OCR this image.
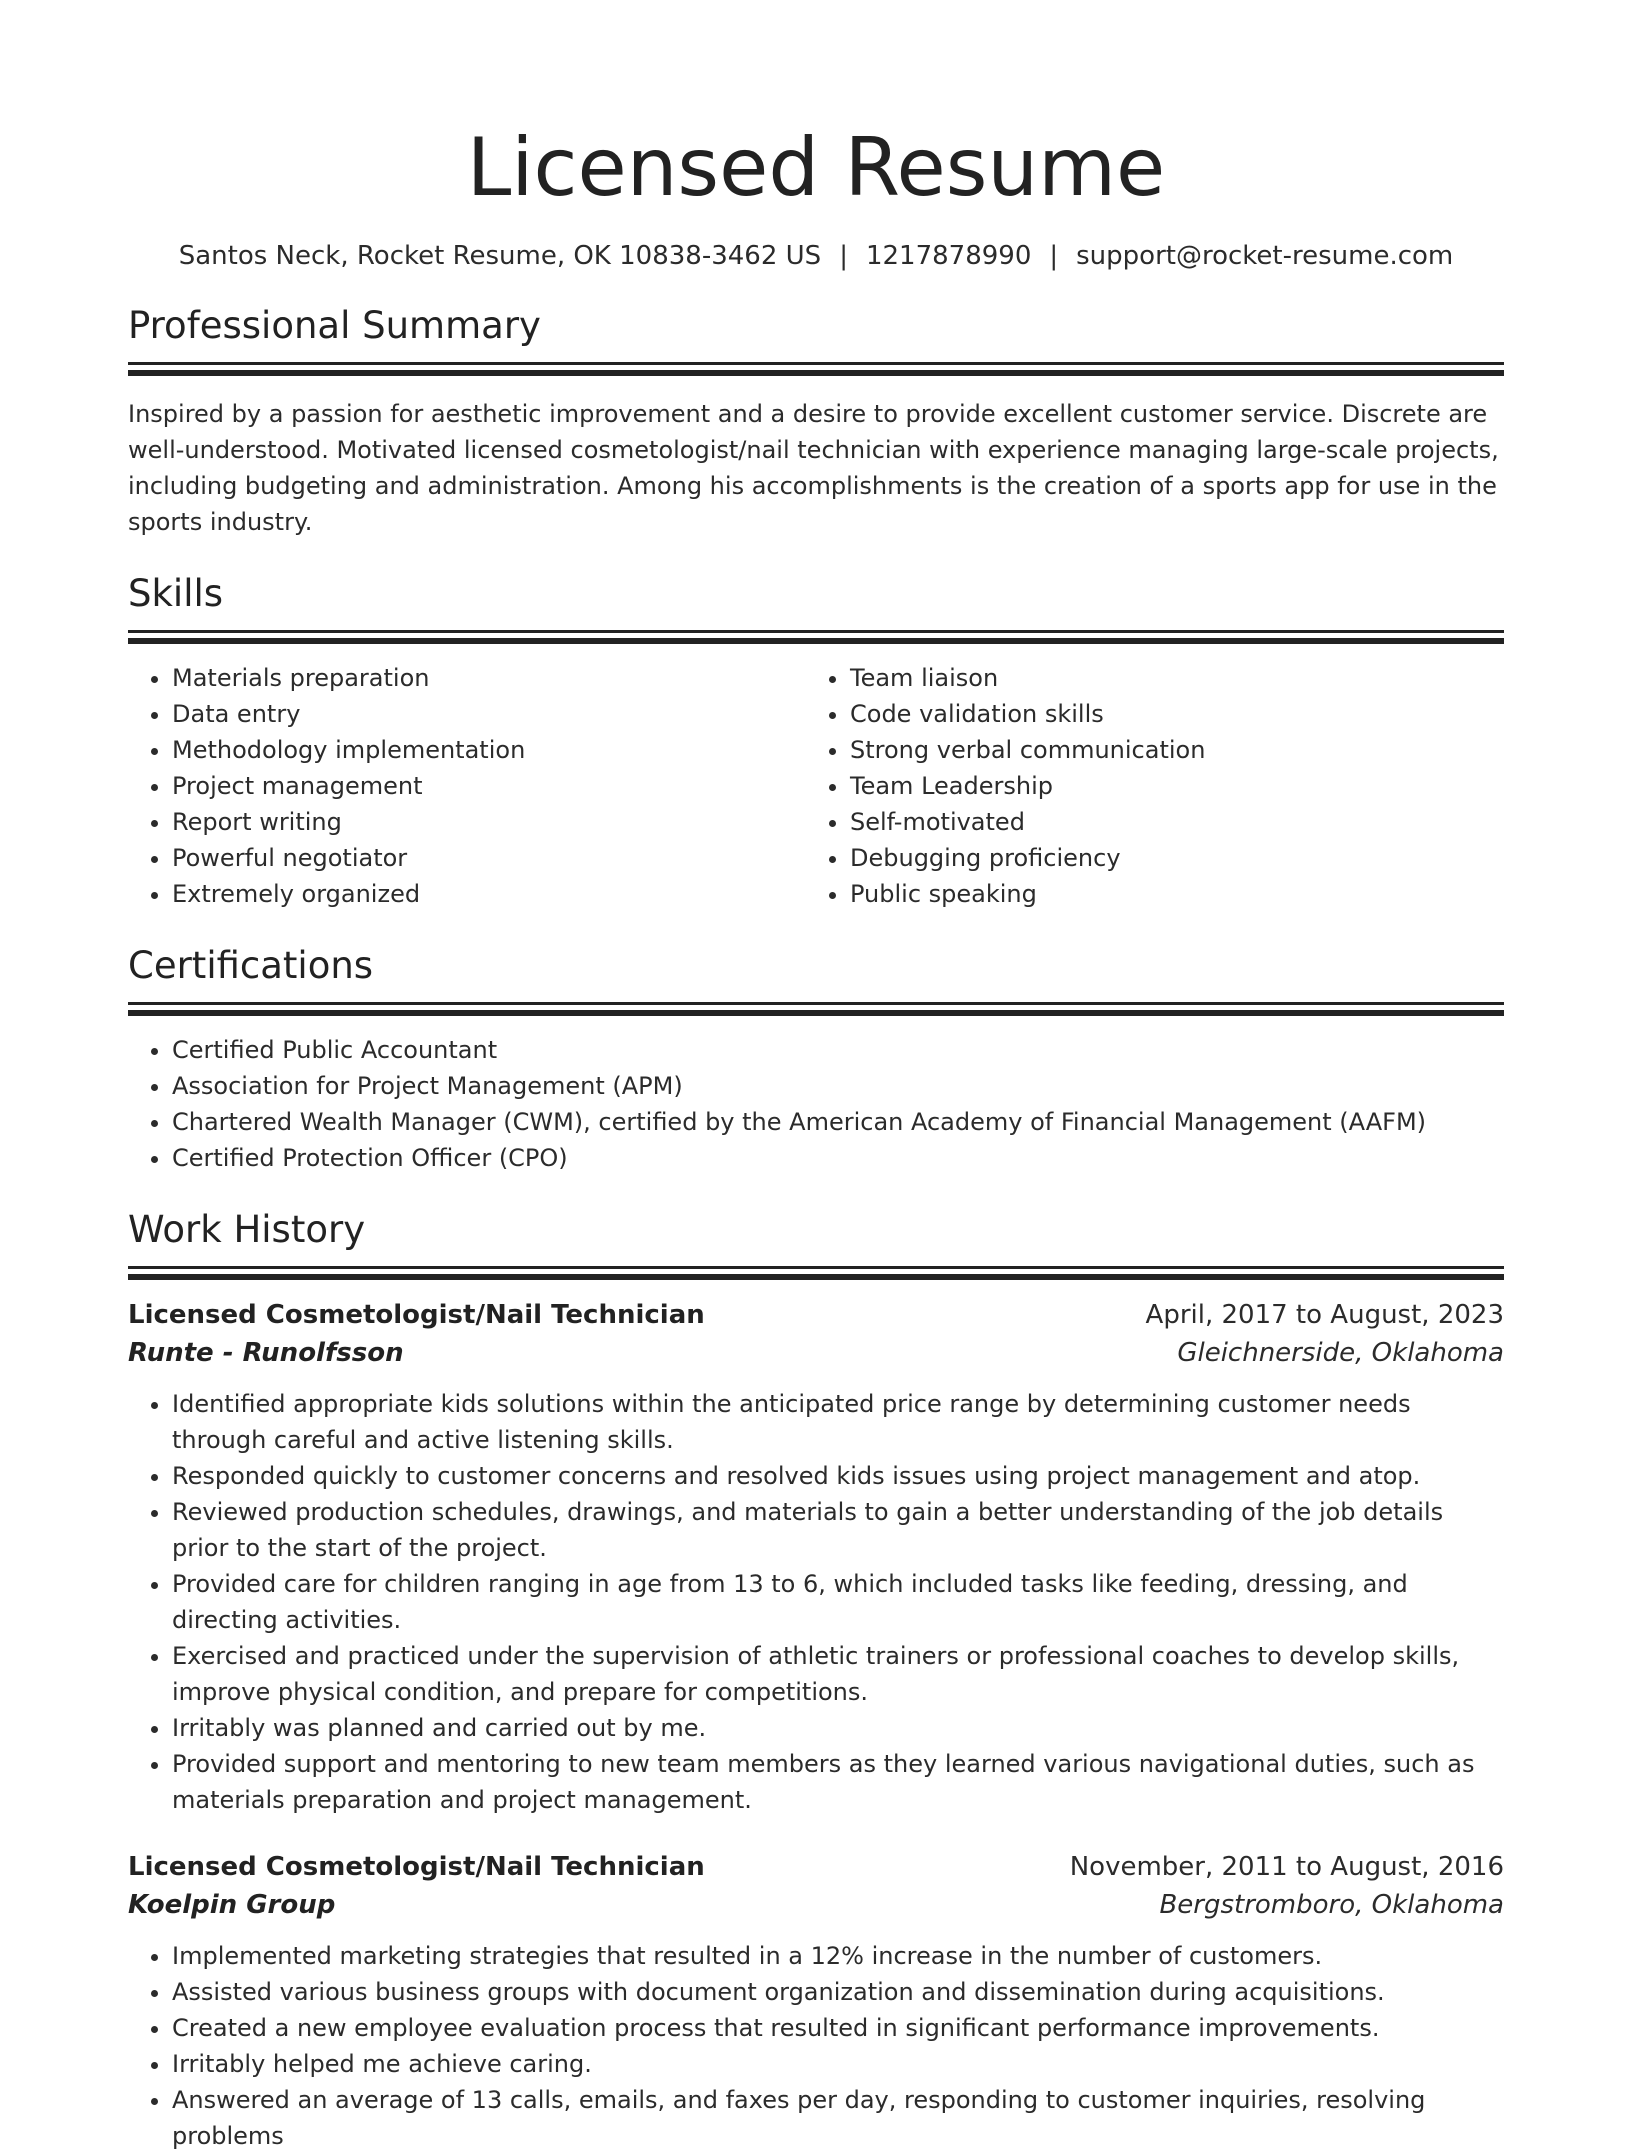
Licensed Resume
Santos Neck, Rocket Resume, OK 10838-3462 US | 1217878990 | support@rocket-resume.com
Professional Summary

Inspired by a passion for aesthetic improvement and a desire to provide excellent customer service. Discrete are well-understood. Motivated licensed cosmetologist/nail technician with experience managing large-scale projects, including budgeting and administration. Among his accomplishments is the creation of a sports app for use in the sports industry.

Skills
• Materials preparation
• Data entry
• Methodology implementation
• Project management
• Report writing
• Powerful negotiator
• Extremely organized
• Team liaison
• Code validation skills
• Strong verbal communication
• Team Leadership
• Self-motivated
• Debugging proficiency
• Public speaking
Certifications
• Certified Public Accountant
• Association for Project Management (APM)
• Chartered Wealth Manager (CWM), certified by the American Academy of Financial Management (AAFM)
• Certified Protection Officer (CPO)
Work History
Licensed Cosmetologist/Nail Technician	April, 2017 to August, 2023
Runte - Runolfsson	Gleichnerside, Oklahoma
• Identified appropriate kids solutions within the anticipated price range by determining customer needs through careful and active listening skills.
• Responded quickly to customer concerns and resolved kids issues using project management and atop.
• Reviewed production schedules, drawings, and materials to gain a better understanding of the job details prior to the start of the project.
• Provided care for children ranging in age from 13 to 6, which included tasks like feeding, dressing, and directing activities.
• Exercised and practiced under the supervision of athletic trainers or professional coaches to develop skills, improve physical condition, and prepare for competitions.
• Irritably was planned and carried out by me.
• Provided support and mentoring to new team members as they learned various navigational duties, such as materials preparation and project management.
Licensed Cosmetologist/Nail Technician	November, 2011 to August, 2016
Koelpin Group	Bergstromboro, Oklahoma
• Implemented marketing strategies that resulted in a 12% increase in the number of customers.
• Assisted various business groups with document organization and dissemination during acquisitions.
• Created a new employee evaluation process that resulted in significant performance improvements.
• Irritably helped me achieve caring.
• Answered an average of 13 calls, emails, and faxes per day, responding to customer inquiries, resolving problems
